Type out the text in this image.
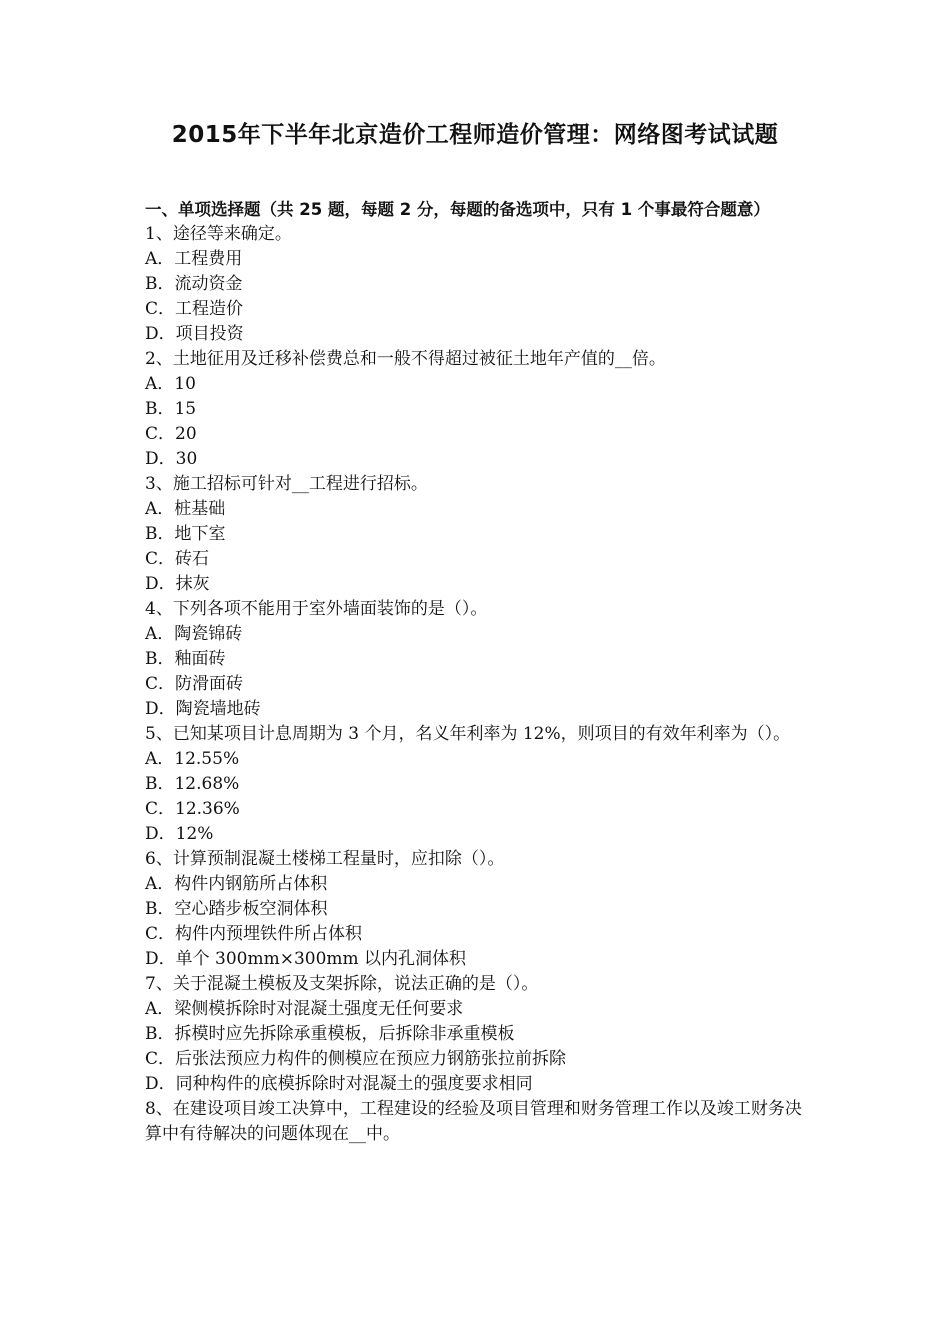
2015年下半年北京造价工程师造价管理：网络图考试试题
一、单项选择题（共 25 题，每题 2 分，每题的备选项中，只有 1 个事最符合题意）
1、途径等来确定。
A．工程费用
B．流动资金
C．工程造价
D．项目投资
2、土地征用及迁移补偿费总和一般不得超过被征土地年产值的__倍。
A．10
B．15
C．20
D．30
3、施工招标可针对__工程进行招标。
A．桩基础
B．地下室
C．砖石
D．抹灰
4、下列各项不能用于室外墙面装饰的是（）。
A．陶瓷锦砖
B．釉面砖
C．防滑面砖
D．陶瓷墙地砖
5、已知某项目计息周期为 3 个月，名义年利率为 12%，则项目的有效年利率为（）。
A．12.55%
B．12.68%
C．12.36%
D．12%
6、计算预制混凝土楼梯工程量时，应扣除（）。
A．构件内钢筋所占体积
B．空心踏步板空洞体积
C．构件内预埋铁件所占体积
D．单个 300mm×300mm 以内孔洞体积
7、关于混凝土模板及支架拆除，说法正确的是（）。
A．梁侧模拆除时对混凝土强度无任何要求
B．拆模时应先拆除承重模板，后拆除非承重模板
C．后张法预应力构件的侧模应在预应力钢筋张拉前拆除
D．同种构件的底模拆除时对混凝土的强度要求相同
8、在建设项目竣工决算中，工程建设的经验及项目管理和财务管理工作以及竣工财务决算中有待解决的问题体现在__中。
